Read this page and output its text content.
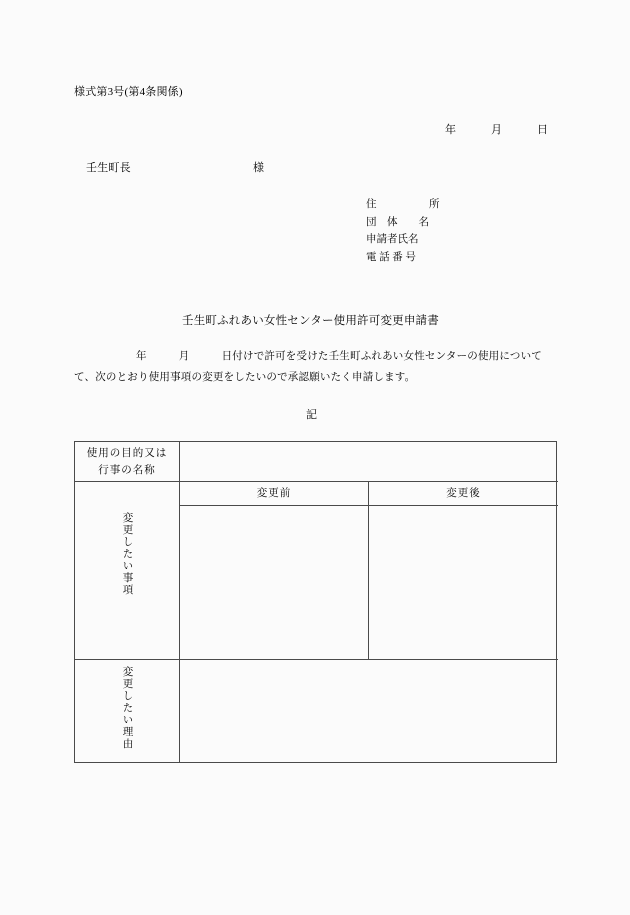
様式第3号(第4条関係)
年　　　月　　　日
壬生町長	様
住　　　　　所
団　体　　名
申請者氏名
電 話 番 号
壬生町ふれあい女性センター使用許可変更申請書
年　　　月　　　日付けで許可を受けた壬生町ふれあい女性センターの使用について
て、次のとおり使用事項の変更をしたいので承認願いたく申請します。
記
使用の目的又は
行事の名称
変更前	変更後
変更したい事項
変更したい理由
